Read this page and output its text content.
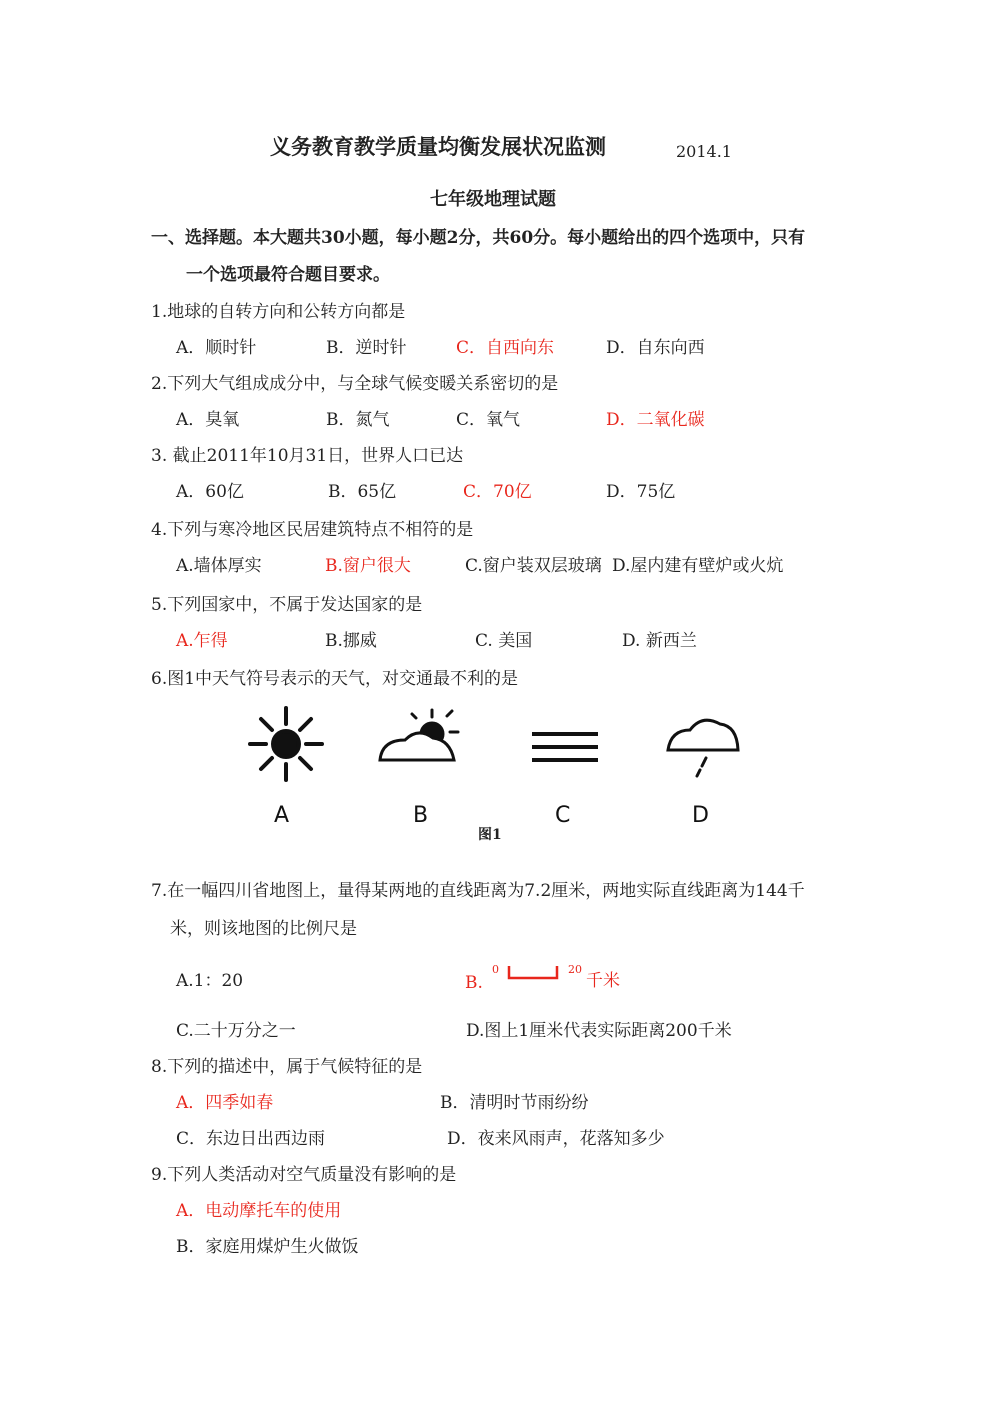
义务教育教学质量均衡发展状况监测	2014.1
七年级地理试题
一、选择题。本大题共30小题，每小题2分，共60分。每小题给出的四个选项中，只有
一个选项最符合题目要求。
1.地球的自转方向和公转方向都是
A．顺时针	B．逆时针	C．自西向东	D．自东向西
2.下列大气组成成分中，与全球气候变暖关系密切的是
A．臭氧	B．氮气	C．氧气	D．二氧化碳
3. 截止2011年10月31日，世界人口已达
A．60亿	B．65亿	C．70亿	D．75亿
4.下列与寒冷地区民居建筑特点不相符的是
A.墙体厚实	B.窗户很大	C.窗户装双层玻璃 D.屋内建有壁炉或火炕
5.下列国家中，不属于发达国家的是
A.乍得	B.挪威	C. 美国	D. 新西兰
6.图1中天气符号表示的天气，对交通最不利的是
A	B	C	D
图1
7.在一幅四川省地图上，量得某两地的直线距离为7.2厘米，两地实际直线距离为144千
米，则该地图的比例尺是
A.1：20	B.
0	20
千米
C.二十万分之一	D.图上1厘米代表实际距离200千米
8.下列的描述中，属于气候特征的是
A．四季如春	B．清明时节雨纷纷
C．东边日出西边雨	D．夜来风雨声，花落知多少
9.下列人类活动对空气质量没有影响的是
A．电动摩托车的使用
B．家庭用煤炉生火做饭
